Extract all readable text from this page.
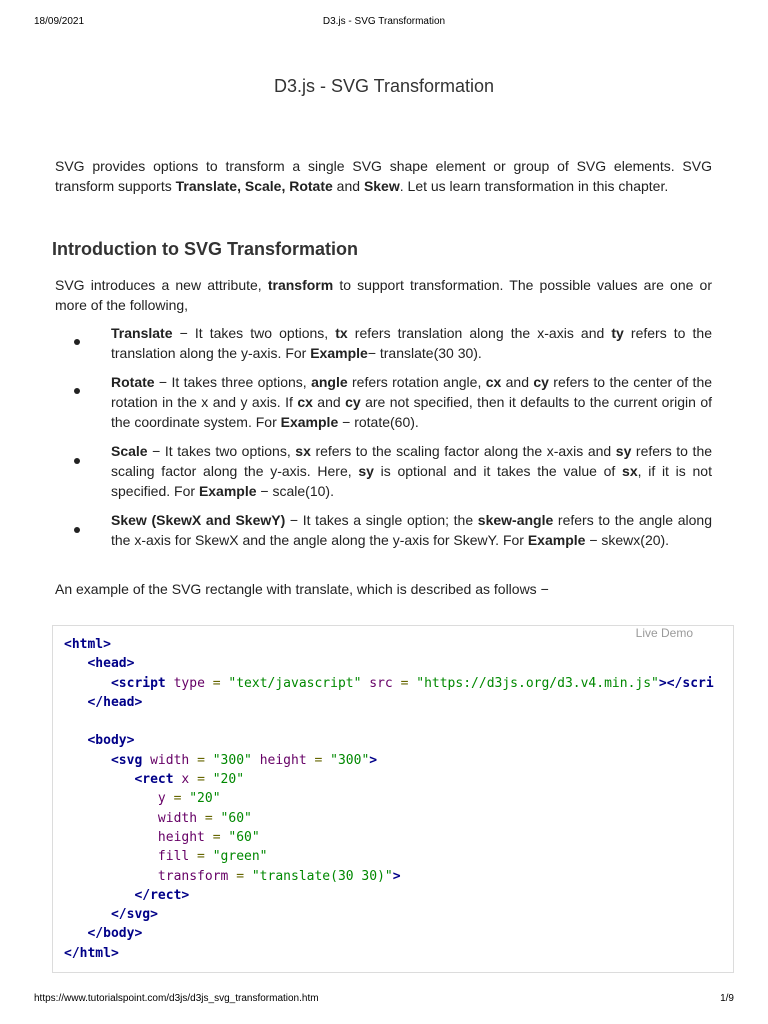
18/09/2021	D3.js - SVG Transformation
D3.js - SVG Transformation

SVG provides options to transform a single SVG shape element or group of SVG elements. SVG transform supports Translate, Scale, Rotate and Skew. Let us learn transformation in this chapter.

Introduction to SVG Transformation

SVG introduces a new attribute, transform to support transformation. The possible values are one or more of the following,

Translate − It takes two options, tx refers translation along the x-axis and ty refers to the translation along the y-axis. For Example− translate(30 30).
Rotate − It takes three options, angle refers rotation angle, cx and cy refers to the center of the rotation in the x and y axis. If cx and cy are not specified, then it defaults to the current origin of the coordinate system. For Example − rotate(60).
Scale − It takes two options, sx refers to the scaling factor along the x-axis and sy refers to the scaling factor along the y-axis. Here, sy is optional and it takes the value of sx, if it is not specified. For Example − scale(10).
Skew (SkewX and SkewY) − It takes a single option; the skew-angle refers to the angle along the x-axis for SkewX and the angle along the y-axis for SkewY. For Example − skewx(20).

An example of the SVG rectangle with translate, which is described as follows −

Live Demo
<html>
<head>
<script type = "text/javascript" src = "https://d3js.org/d3.v4.min.js"></scri
</head>

<body>
<svg width = "300" height = "300">
<rect x = "20"
y = "20"
width = "60"
height = "60"
fill = "green"
transform = "translate(30 30)">
</rect>
</svg>
</body>
</html>
https://www.tutorialspoint.com/d3js/d3js_svg_transformation.htm	1/9
